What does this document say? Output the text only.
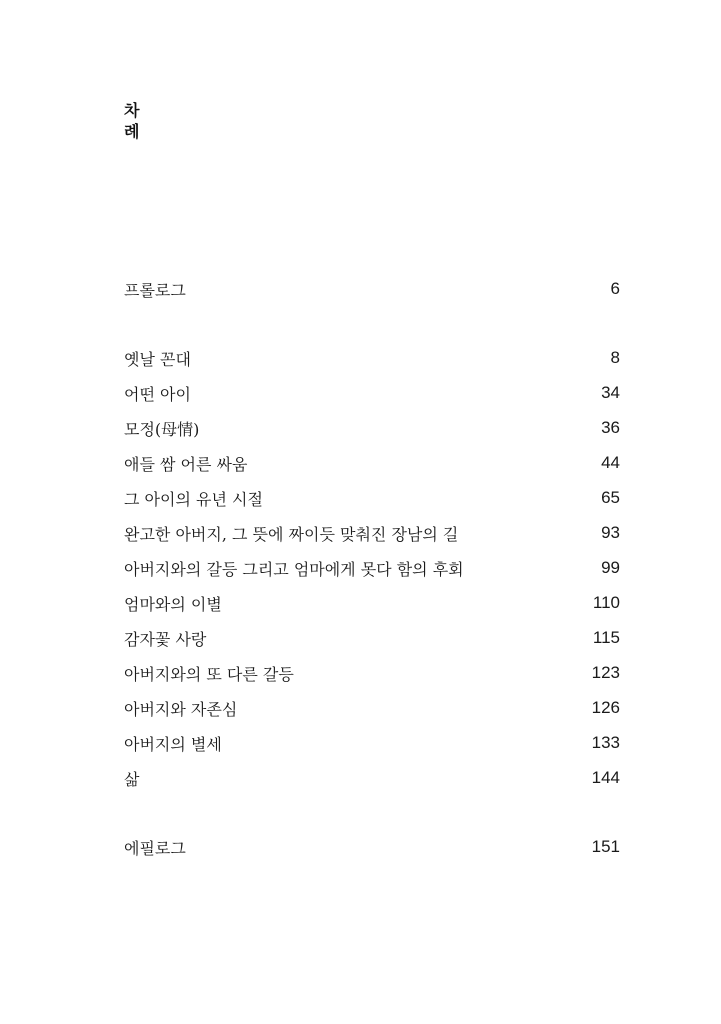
차
례
프롤로그	6
옛날 꼰대	8
어떤 아이	34
모정(母情)	36
애들 쌈 어른 싸움	44
그 아이의 유년 시절	65
완고한 아버지, 그 뜻에 짜이듯 맞춰진 장남의 길	93
아버지와의 갈등 그리고 엄마에게 못다 함의 후회	99
엄마와의 이별	110
감자꽃 사랑	115
아버지와의 또 다른 갈등	123
아버지와 자존심	126
아버지의 별세	133
삶	144
에필로그	151
